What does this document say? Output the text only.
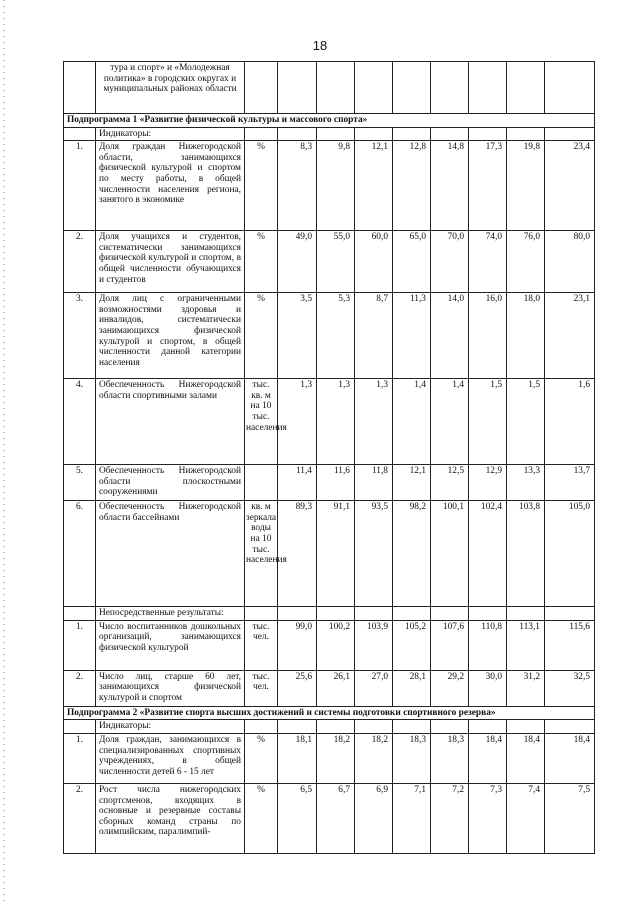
18
	тура и спорт» и «Молодежная политика» в городских округах и муниципальных районах области									
Подпрограмма 1 «Развитие физической культуры и массового спорта»										
	Индикаторы:									
1.	Доля граждан Нижегородской области, занимающихся физической культурой и спортом по месту работы, в общей численности населения региона, занятого в экономике	%	8,3	9,8	12,1	12,8	14,8	17,3	19,8	23,4
2.	Доля учащихся и студентов, систематически занимающихся физической культурой и спортом, в общей численности обучающихся и студентов	%	49,0	55,0	60,0	65,0	70,0	74,0	76,0	80,0
3.	Доля лиц с ограниченными возможностями здоровья и инвалидов, систематически занимающихся физической культурой и спортом, в общей численности данной категории населения	%	3,5	5,3	8,7	11,3	14,0	16,0	18,0	23,1
4.	Обеспеченность Нижегородской области спортивными залами	тыс. кв. м на 10 тыс. населения	1,3	1,3	1,3	1,4	1,4	1,5	1,5	1,6
5.	Обеспеченность Нижегородской области плоскостными сооружениями		11,4	11,6	11,8	12,1	12,5	12,9	13,3	13,7
6.	Обеспеченность Нижегородской области бассейнами	кв. м зеркала воды на 10 тыс. населения	89,3	91,1	93,5	98,2	100,1	102,4	103,8	105,0
	Непосредственные результаты:									
1.	Число воспитанников дошкольных организаций, занимающихся физической культурой	тыс. чел.	99,0	100,2	103,9	105,2	107,6	110,8	113,1	115,6
2.	Число лиц, старше 60 лет, занимающихся физической культурой и спортом	тыс. чел.	25,6	26,1	27,0	28,1	29,2	30,0	31,2	32,5
Подпрограмма 2 «Развитие спорта высших достижений и системы подготовки спортивного резерва»										
	Индикаторы:									
1.	Доля граждан, занимающихся в специализированных спортивных учреждениях, в общей численности детей 6 - 15 лет	%	18,1	18,2	18,2	18,3	18,3	18,4	18,4	18,4
2.	Рост числа нижегородских спортсменов, входящих в основные и резервные составы сборных команд страны по олимпийским, паралимпий-	%	6,5	6,7	6,9	7,1	7,2	7,3	7,4	7,5
